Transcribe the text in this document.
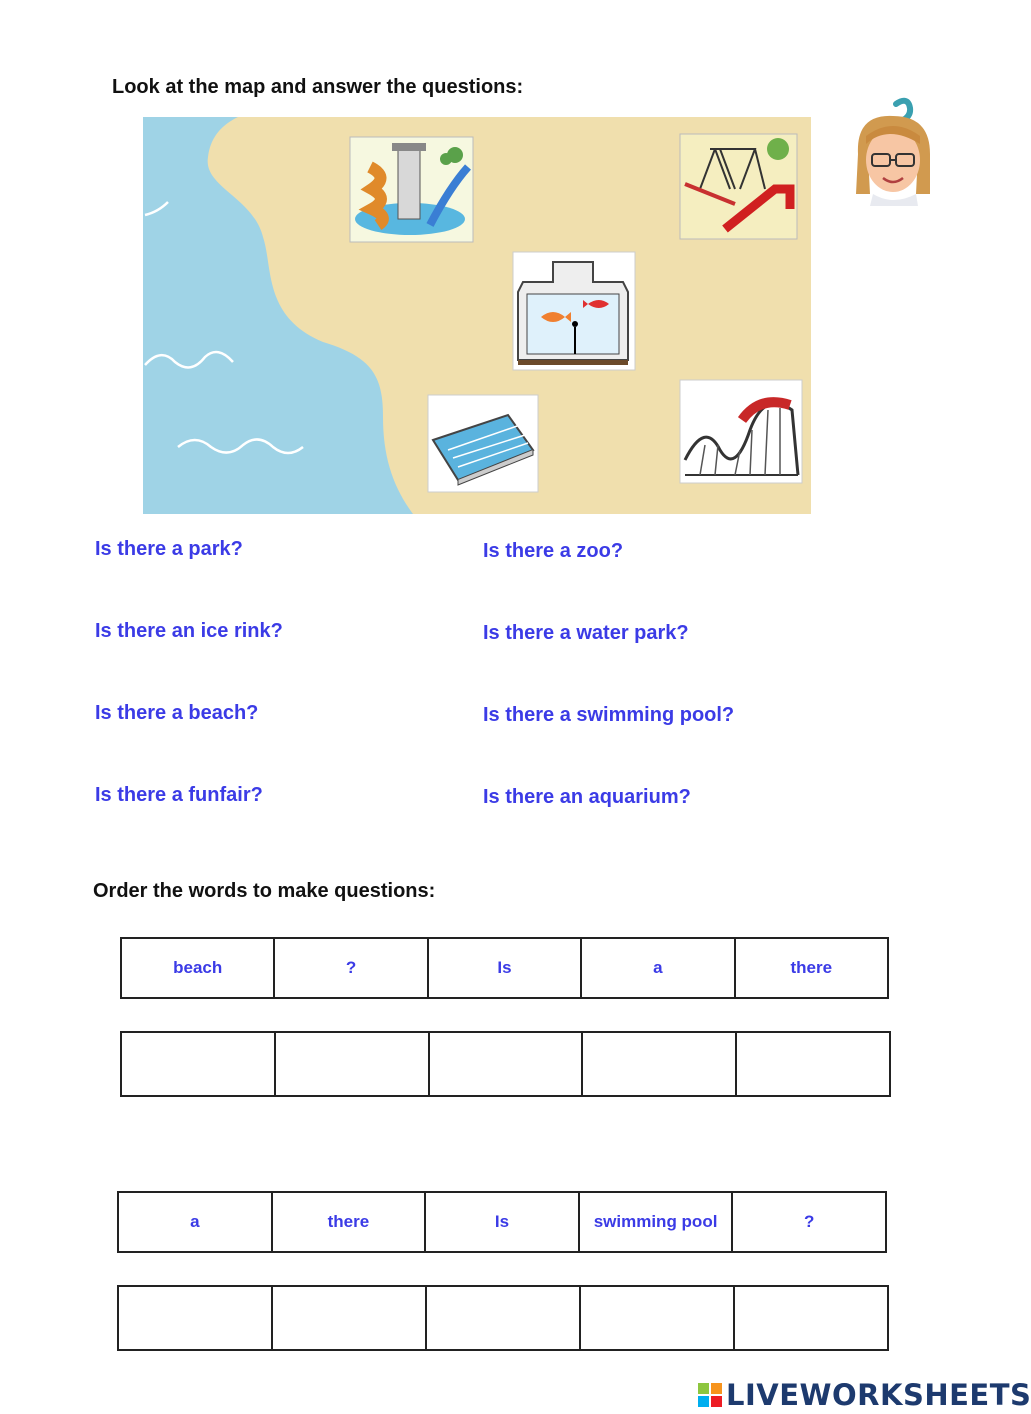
Look at the map and answer the questions:

Is there a park?	Is there a zoo?

Is there an ice rink?	Is there a water park?

Is there a beach?	Is there a swimming pool?

Is there a funfair?	Is there an aquarium?

Order the words to make questions:

beach	?	Is	a	there

a	there	Is	swimming pool	?

LIVEWORKSHEETS
